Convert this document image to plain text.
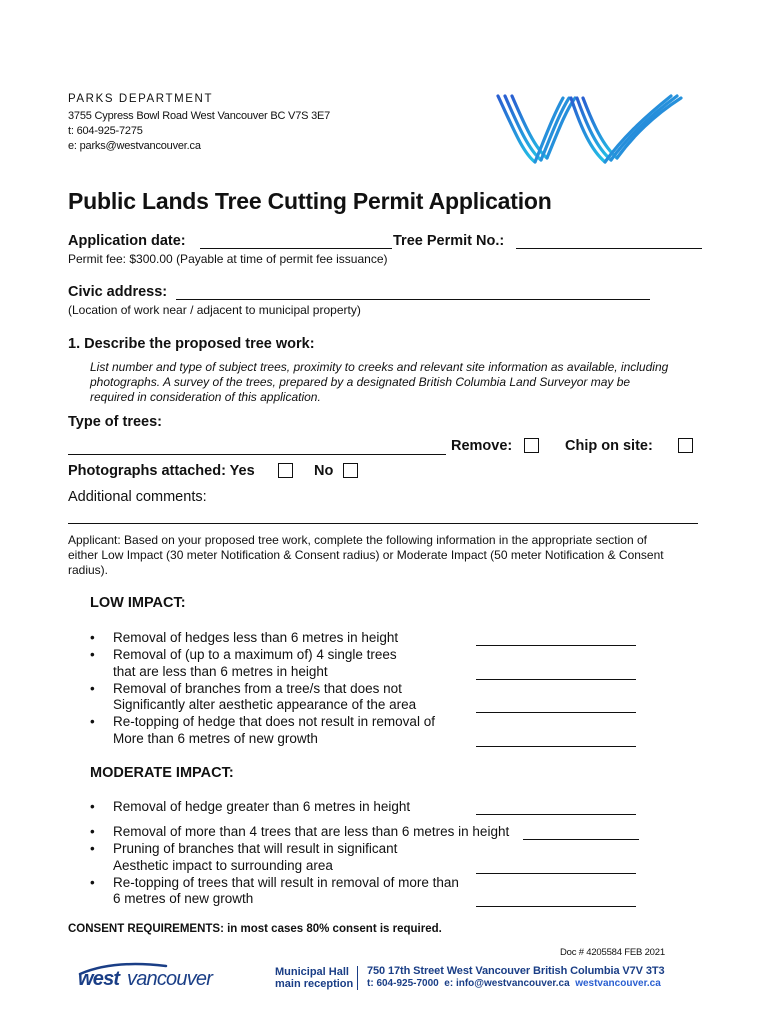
PARKS DEPARTMENT
3755 Cypress Bowl Road West Vancouver BC V7S 3E7
t: 604-925-7275
e: parks@westvancouver.ca
Public Lands Tree Cutting Permit Application
Application date:	Tree Permit No.:
Permit fee: $300.00 (Payable at time of permit fee issuance)
Civic address:
(Location of work near / adjacent to municipal property)
1. Describe the proposed tree work:
List number and type of subject trees, proximity to creeks and relevant site information as available, including
photographs. A survey of the trees, prepared by a designated British Columbia Land Surveyor may be
required in consideration of this application.
Type of trees:
Remove:	Chip on site:
Photographs attached: Yes	No
Additional comments:
Applicant: Based on your proposed tree work, complete the following information in the appropriate section of
either Low Impact (30 meter Notification & Consent radius) or Moderate Impact (50 meter Notification & Consent
radius).
LOW IMPACT:
• Removal of hedges less than 6 metres in height
• Removal of (up to a maximum of) 4 single trees
that are less than 6 metres in height
• Removal of branches from a tree/s that does not
Significantly alter aesthetic appearance of the area
• Re-topping of hedge that does not result in removal of
More than 6 metres of new growth
MODERATE IMPACT:
• Removal of hedge greater than 6 metres in height
• Removal of more than 4 trees that are less than 6 metres in height
• Pruning of branches that will result in significant
Aesthetic impact to surrounding area
• Re-topping of trees that will result in removal of more than
6 metres of new growth
CONSENT REQUIREMENTS: in most cases 80% consent is required.
Doc # 4205584 FEB 2021
west vancouver	Municipal Hall
main reception
750 17th Street West Vancouver British Columbia V7V 3T3
t: 604-925-7000 e: info@westvancouver.ca westvancouver.ca
